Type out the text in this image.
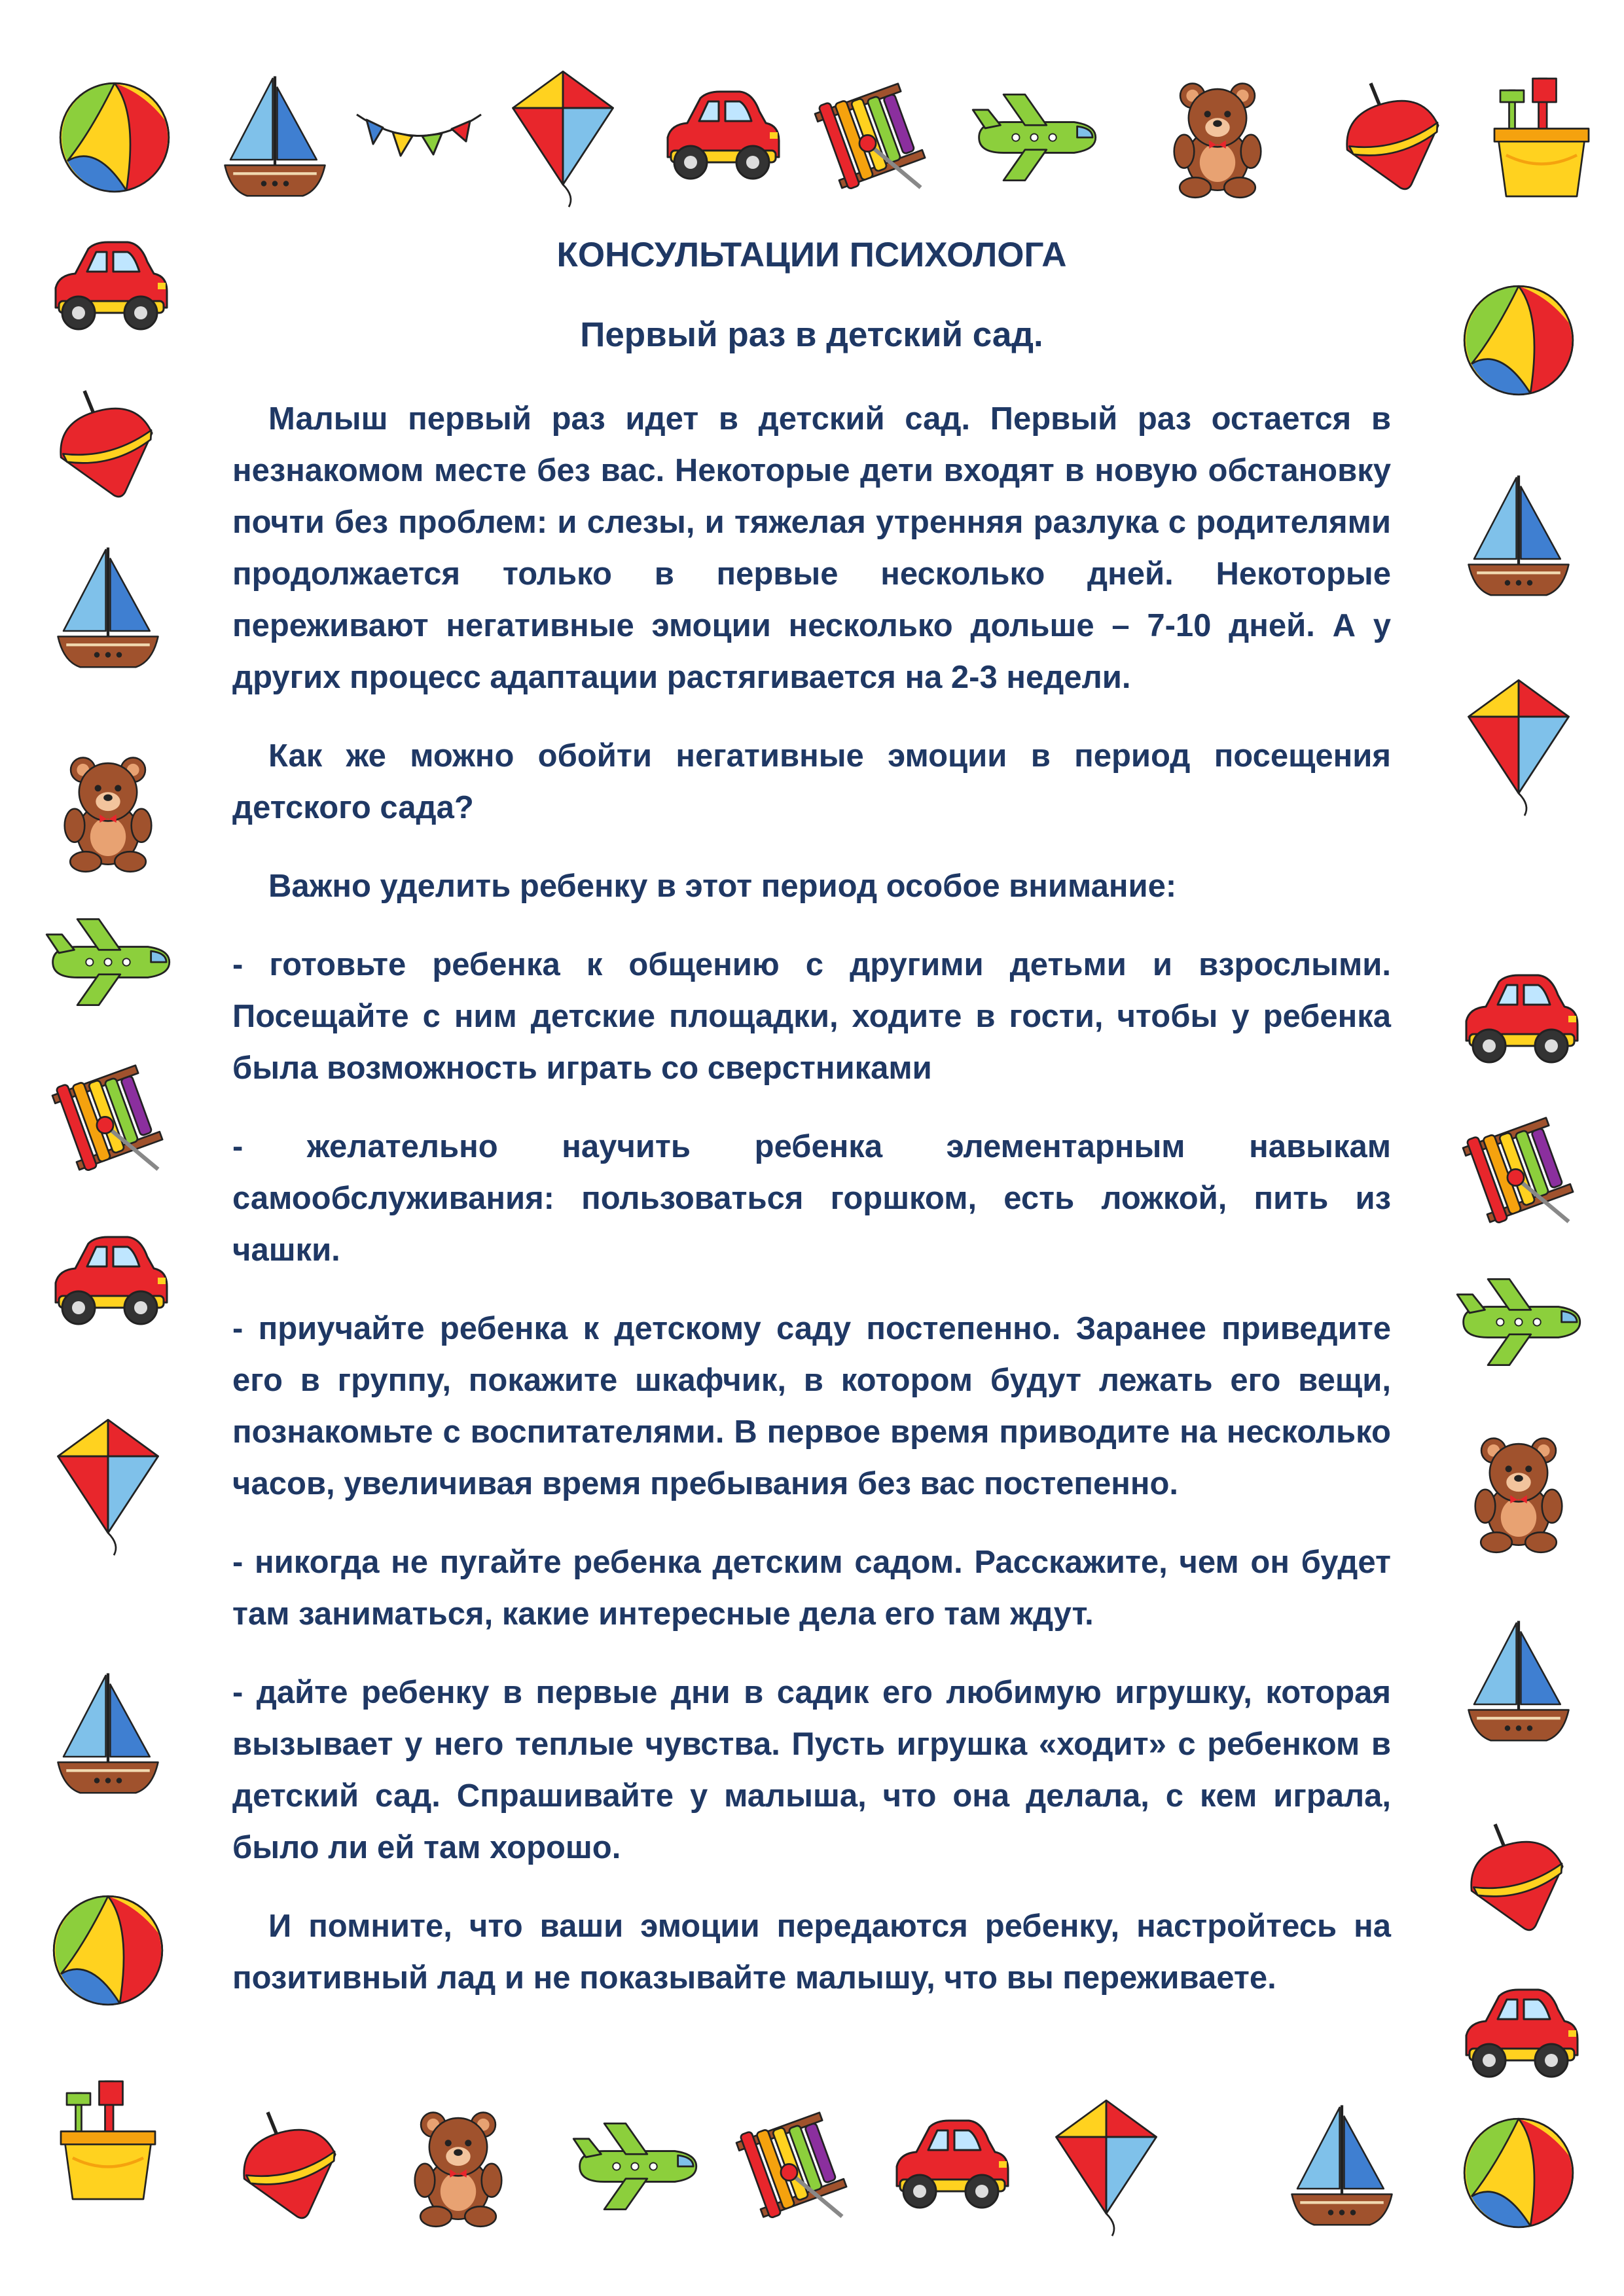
КОНСУЛЬТАЦИИ ПСИХОЛОГА
Первый раз в детский сад.

Малыш первый раз идет в детский сад. Первый раз остается в незнакомом месте без вас. Некоторые дети входят в новую обстановку почти без проблем: и слезы, и тяжелая утренняя разлука с родителями продолжается только в первые несколько дней. Некоторые переживают негативные эмоции несколько дольше – 7-10 дней. А у других процесс адаптации растягивается на 2-3 недели.

Как же можно обойти негативные эмоции в период посещения детского сада?

Важно уделить ребенку в этот период особое внимание:

- готовьте ребенка к общению с другими детьми и взрослыми. Посещайте с ним детские площадки, ходите в гости, чтобы у ребенка была возможность играть со сверстниками

- желательно научить ребенка элементарным навыкам самообслуживания: пользоваться горшком, есть ложкой, пить из чашки.

- приучайте ребенка к детскому саду постепенно. Заранее приведите его в группу, покажите шкафчик, в котором будут лежать его вещи, познакомьте с воспитателями. В первое время приводите на несколько часов, увеличивая время пребывания без вас постепенно.

- никогда не пугайте ребенка детским садом. Расскажите, чем он будет там заниматься, какие интересные дела его там ждут.

- дайте ребенку в первые дни в садик его любимую игрушку, которая вызывает у него теплые чувства. Пусть игрушка «ходит» с ребенком в детский сад. Спрашивайте у малыша, что она делала, с кем играла, было ли ей там хорошо.

И помните, что ваши эмоции передаются ребенку, настройтесь на позитивный лад и не показывайте малышу, что вы переживаете.
